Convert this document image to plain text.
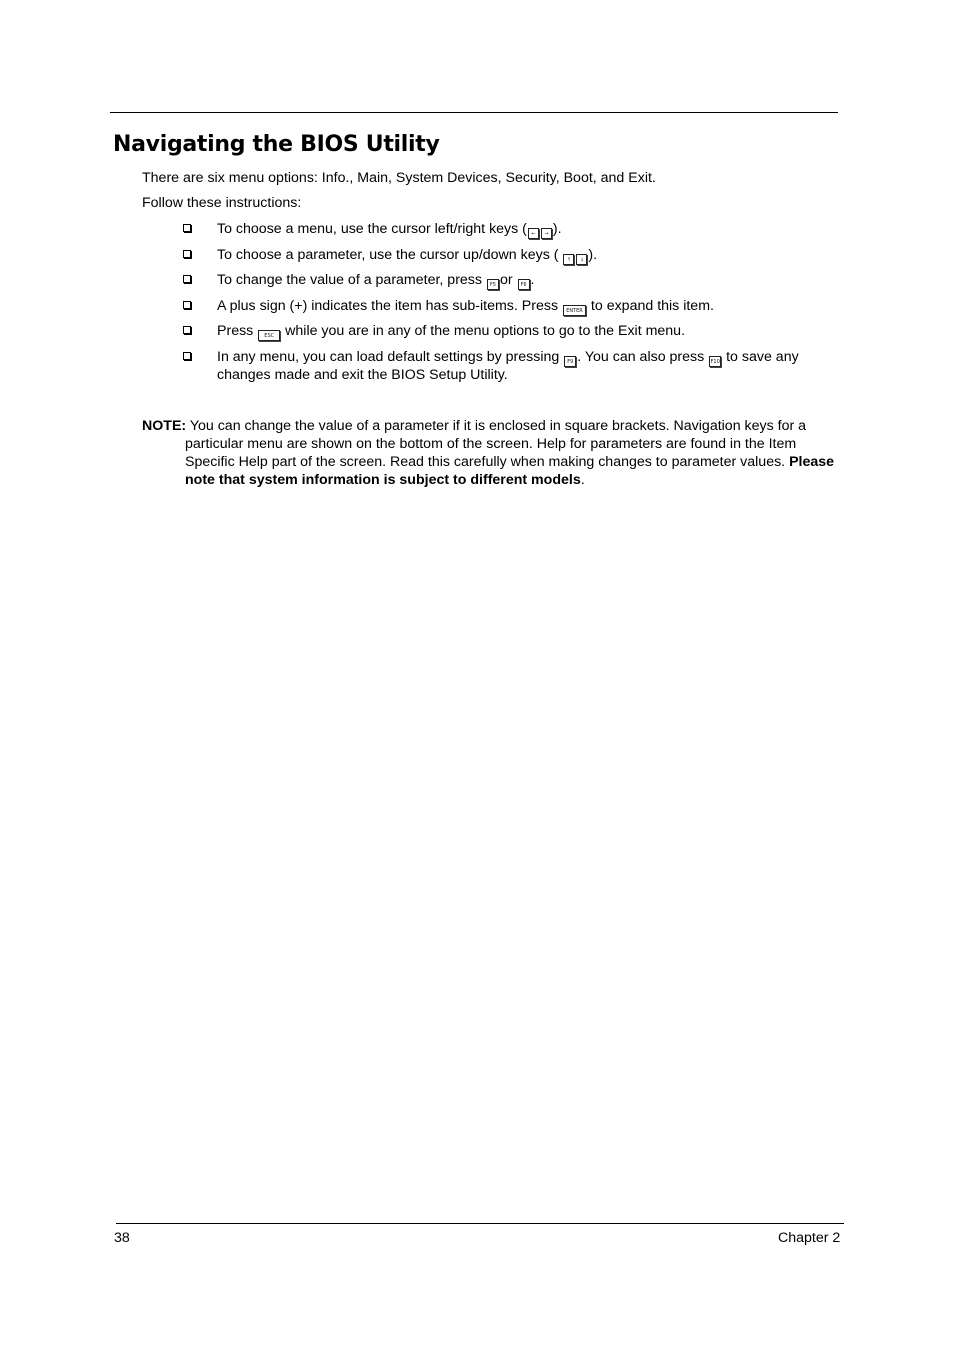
Navigating the BIOS Utility

There are six menu options: Info., Main, System Devices, Security, Boot, and Exit.

Follow these instructions:

To choose a menu, use the cursor left/right keys ( ← → ).
To choose a parameter, use the cursor up/down keys ( ↑ ↓ ).
To change the value of a parameter, press F5 or F6 .
A plus sign (+) indicates the item has sub-items. Press ENTER to expand this item.
Press ESC while you are in any of the menu options to go to the Exit menu.
In any menu, you can load default settings by pressing F9 . You can also press F10 to save any
changes made and exit the BIOS Setup Utility.
NOTE: You can change the value of a parameter if it is enclosed in square brackets. Navigation keys for a
particular menu are shown on the bottom of the screen. Help for parameters are found in the Item
Specific Help part of the screen. Read this carefully when making changes to parameter values. Please
note that system information is subject to different models.
38	Chapter 2
